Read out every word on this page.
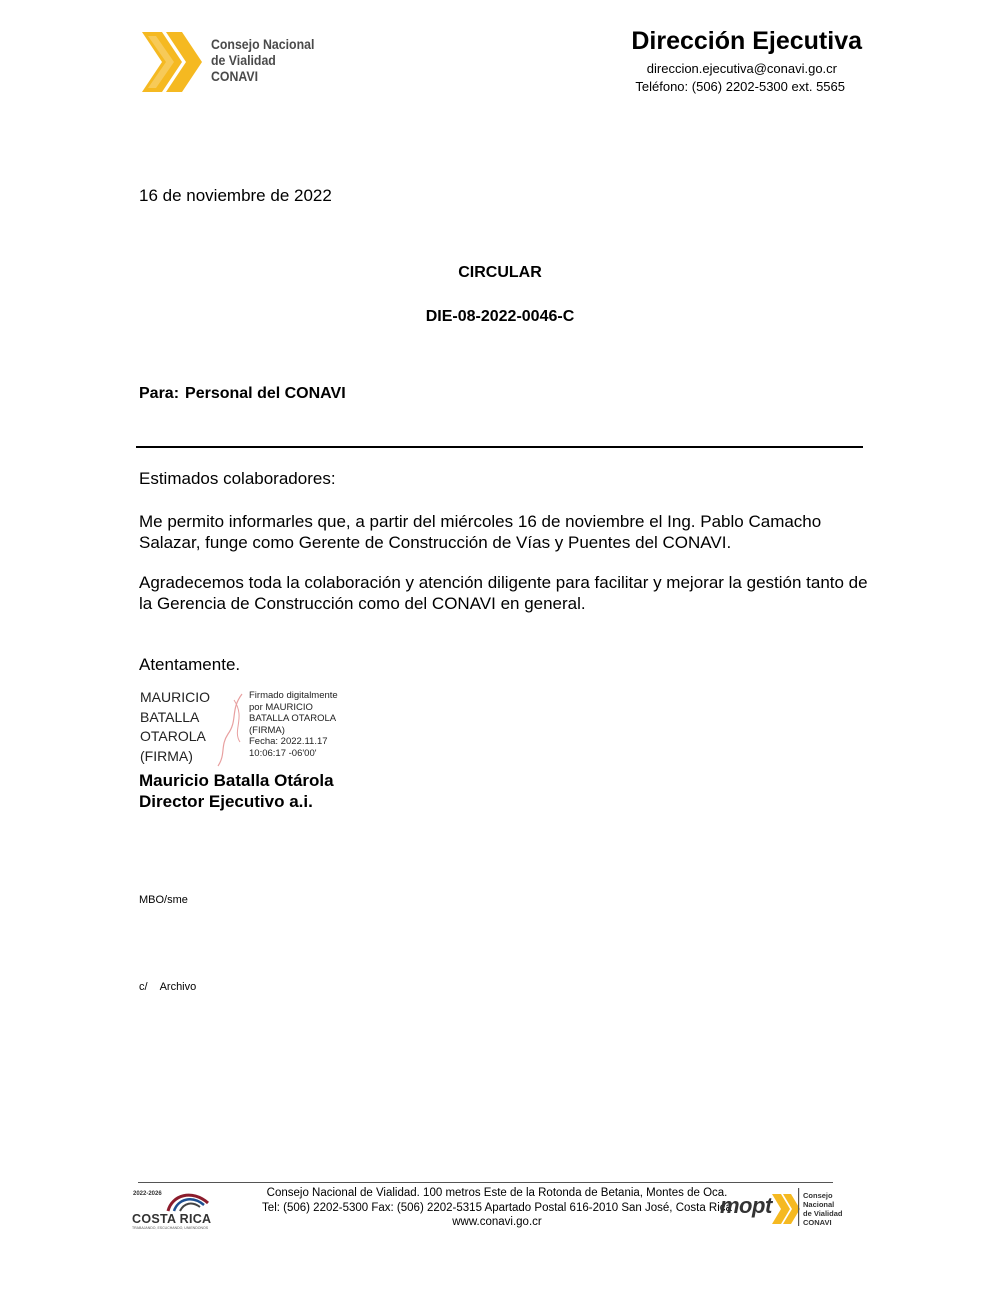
Consejo Nacional
de Vialidad
CONAVI
Dirección Ejecutiva
direccion.ejecutiva@conavi.go.cr
Teléfono: (506) 2202-5300 ext. 5565
16 de noviembre de 2022
CIRCULAR
DIE-08-2022-0046-C
Para: Personal del CONAVI
Estimados colaboradores:
Me permito informarles que, a partir del miércoles 16 de noviembre el Ing. Pablo Camacho Salazar, funge como Gerente de Construcción de Vías y Puentes del CONAVI.
Agradecemos toda la colaboración y atención diligente para facilitar y mejorar la gestión tanto de la Gerencia de Construcción como del CONAVI en general.
Atentamente.
MAURICIO
BATALLA
OTAROLA
(FIRMA)
Firmado digitalmente
por MAURICIO
BATALLA OTAROLA
(FIRMA)
Fecha: 2022.11.17
10:06:17 -06'00'
Mauricio Batalla Otárola
Director Ejecutivo a.i.
MBO/sme
c/ Archivo
2022-2026
COSTA RICA
TRABAJANDO, ESCUCHANDO, UNIENDONOS
Consejo Nacional de Vialidad. 100 metros Este de la Rotonda de Betania, Montes de Oca.
Tel: (506) 2202-5300 Fax: (506) 2202-5315 Apartado Postal 616-2010 San José, Costa Rica
www.conavi.go.cr
mopt	Consejo Nacional
de Vialidad
CONAVI
